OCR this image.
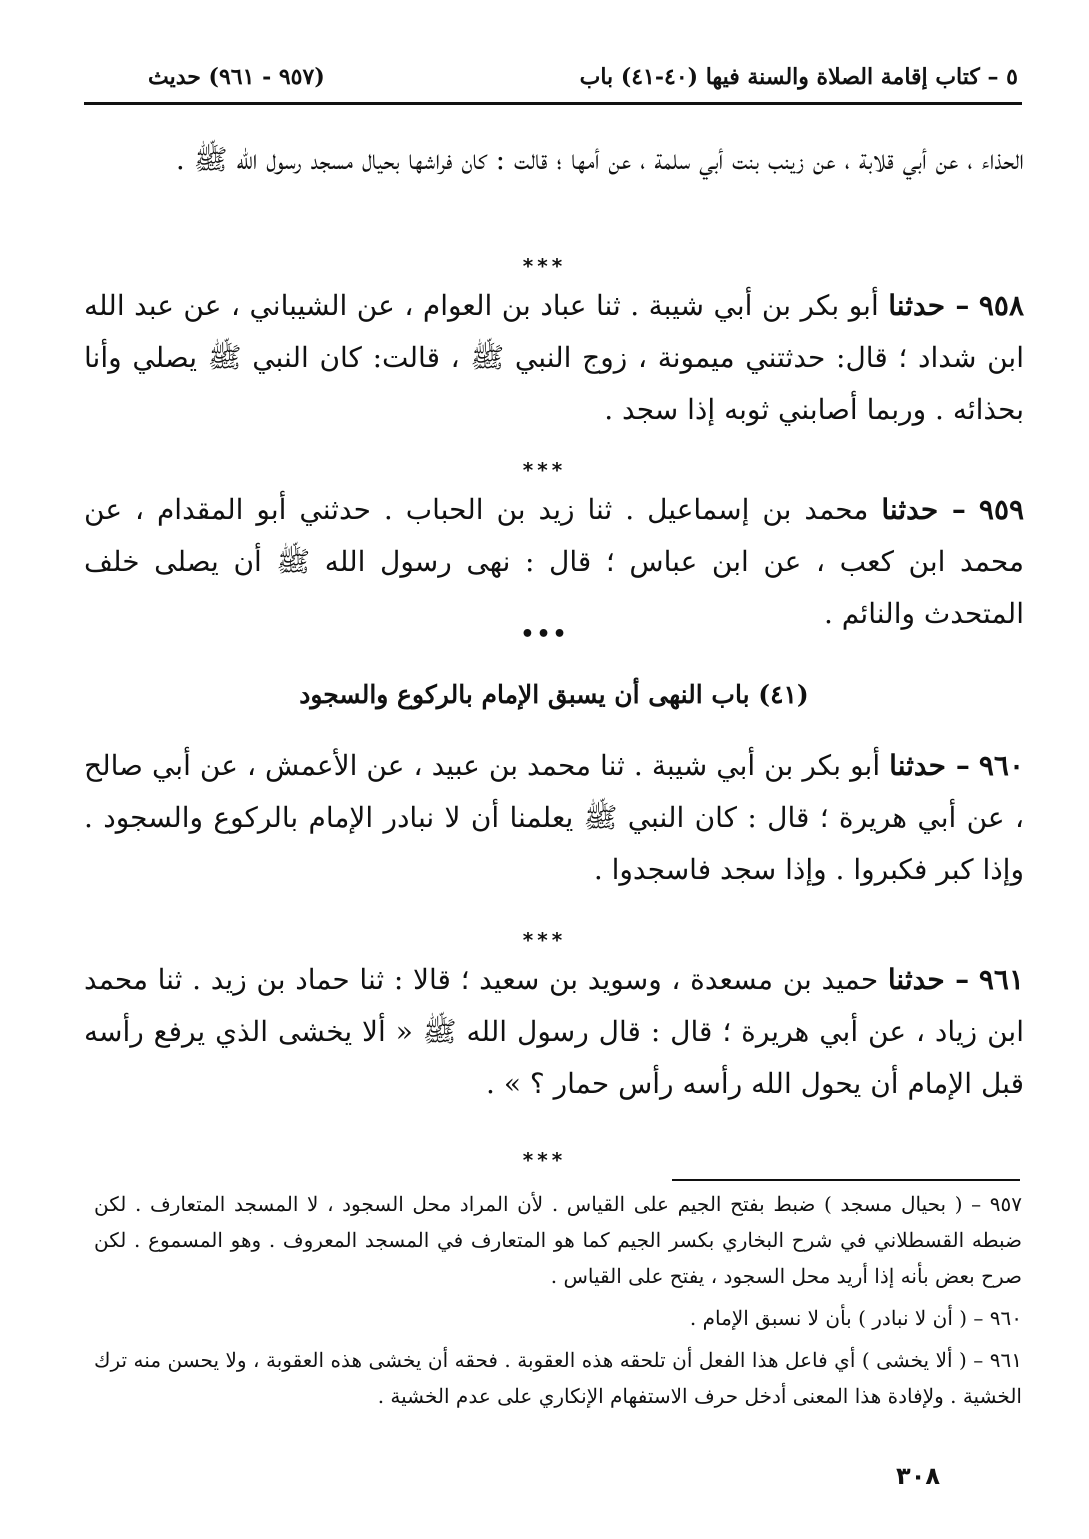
٥ – كتاب إقامة الصلاة والسنة فيها (٤٠-٤١) باب
(٩٥٧ - ٩٦١) حديث
الحذاء ، عن أبي قلابة ، عن زينب بنت أبي سلمة ، عن أمها ؛ قالت : كان فراشها بحيال مسجد رسول الله ﷺ .
***
٩٥٨ – حدثنا أبو بكر بن أبي شيبة . ثنا عباد بن العوام ، عن الشيباني ، عن عبد الله ابن شداد ؛ قال: حدثتني ميمونة ، زوج النبي ﷺ ، قالت: كان النبي ﷺ يصلي وأنا بحذائه . وربما أصابني ثوبه إذا سجد .
***
٩٥٩ – حدثنا محمد بن إسماعيل . ثنا زيد بن الحباب . حدثني أبو المقدام ، عن محمد ابن كعب ، عن ابن عباس ؛ قال : نهى رسول الله ﷺ أن يصلى خلف المتحدث والنائم .
•••
(٤١) باب النهى أن يسبق الإمام بالركوع والسجود
٩٦٠ – حدثنا أبو بكر بن أبي شيبة . ثنا محمد بن عبيد ، عن الأعمش ، عن أبي صالح ، عن أبي هريرة ؛ قال : كان النبي ﷺ يعلمنا أن لا نبادر الإمام بالركوع والسجود . وإذا كبر فكبروا . وإذا سجد فاسجدوا .
***
٩٦١ – حدثنا حميد بن مسعدة ، وسويد بن سعيد ؛ قالا : ثنا حماد بن زيد . ثنا محمد ابن زياد ، عن أبي هريرة ؛ قال : قال رسول الله ﷺ « ألا يخشى الذي يرفع رأسه قبل الإمام أن يحول الله رأسه رأس حمار ؟ » .
***

٩٥٧ – ( بحيال مسجد ) ضبط بفتح الجيم على القياس . لأن المراد محل السجود ، لا المسجد المتعارف . لكن ضبطه القسطلاني في شرح البخاري بكسر الجيم كما هو المتعارف في المسجد المعروف . وهو المسموع . لكن صرح بعض بأنه إذا أريد محل السجود ، يفتح على القياس .

٩٦٠ – ( أن لا نبادر ) بأن لا نسبق الإمام .

٩٦١ – ( ألا يخشى ) أي فاعل هذا الفعل أن تلحقه هذه العقوبة . فحقه أن يخشى هذه العقوبة ، ولا يحسن منه ترك الخشية . ولإفادة هذا المعنى أدخل حرف الاستفهام الإنكاري على عدم الخشية .

٣٠٨
